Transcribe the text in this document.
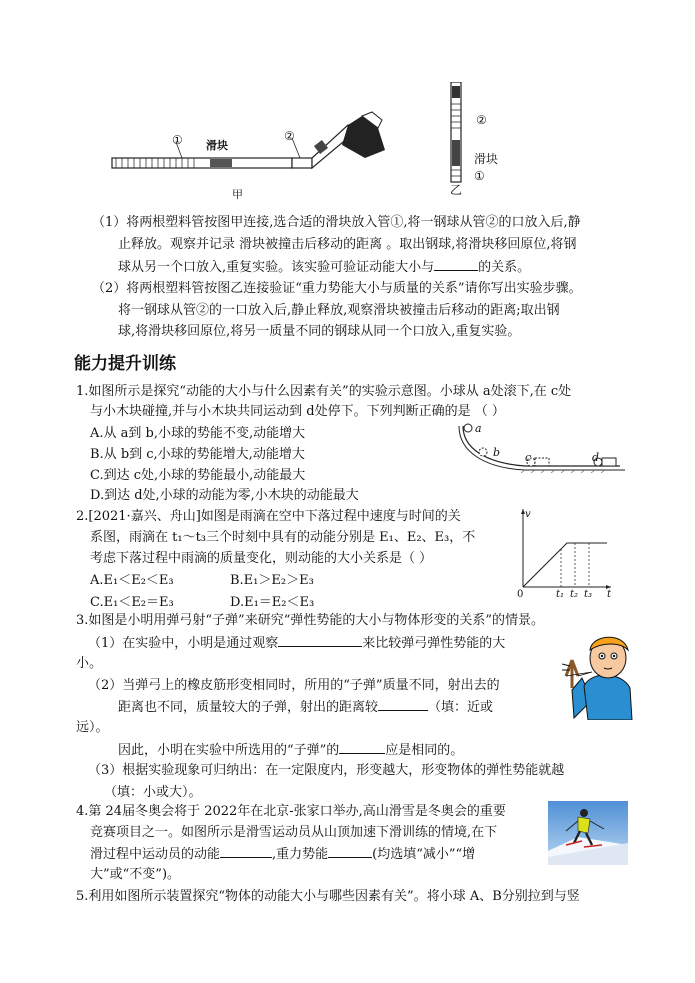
① 滑块
②
甲
②
滑块
①
乙
（1）将两根塑料管按图甲连接,选合适的滑块放入管①,将一钢球从管②的口放入后,静
止释放。观察并记录 滑块被撞击后移动的距离 。取出钢球,将滑块移回原位,将钢
球从另一个口放入,重复实验。该实验可验证动能大小与	的关系。
（2）将两根塑料管按图乙连接验证“重力势能大小与质量的关系”请你写出实验步骤。
将一钢球从管②的一口放入后,静止释放,观察滑块被撞击后移动的距离;取出钢
球,将滑块移回原位,将另一质量不同的钢球从同一个口放入,重复实验。
能力提升训练
1.如图所示是探究“动能的大小与什么因素有关”的实验示意图。小球从 a处滚下,在 c处
与小木块碰撞,并与小木块共同运动到 d处停下。下列判断正确的是 （ ）
A.从 a到 b,小球的势能不变,动能增大
B.从 b到 c,小球的势能增大,动能增大
C.到达 c处,小球的势能最小,动能最大
D.到达 d处,小球的动能为零,小木块的动能最大
a
b c	d
2.[2021·嘉兴、舟山]如图是雨滴在空中下落过程中速度与时间的关
系图，雨滴在 t₁～t₃三个时刻中具有的动能分别是 E₁、E₂、E₃，不
考虑下落过程中雨滴的质量变化，则动能的大小关系是（ ）
A.E₁＜E₂＜E₃	B.E₁＞E₂＞E₃
C.E₁＜E₂＝E₃	D.E₁＝E₂＜E₃
v
0	t₁ t₂ t₃ t
3.如图是小明用弹弓射“子弹”来研究“弹性势能的大小与物体形变的关系”的情景。
（1）在实验中，小明是通过观察	来比较弹弓弹性势能的大
小。
（2）当弹弓上的橡皮筋形变相同时，所用的“子弹”质量不同，射出去的
距离也不同，质量较大的子弹，射出的距离较	（填：近或
远）。
因此，小明在实验中所选用的“子弹”的	应是相同的。
（3）根据实验现象可归纳出：在一定限度内，形变越大，形变物体的弹性势能就越
（填：小或大）。
4.第 24届冬奥会将于 2022年在北京-张家口举办,高山滑雪是冬奥会的重要
竞赛项目之一。如图所示是滑雪运动员从山顶加速下滑训练的情境,在下
滑过程中运动员的动能	,重力势能	(均选填“减小”“增
大”或“不变”)。
5.利用如图所示装置探究“物体的动能大小与哪些因素有关”。将小球 A、B分别拉到与竖
